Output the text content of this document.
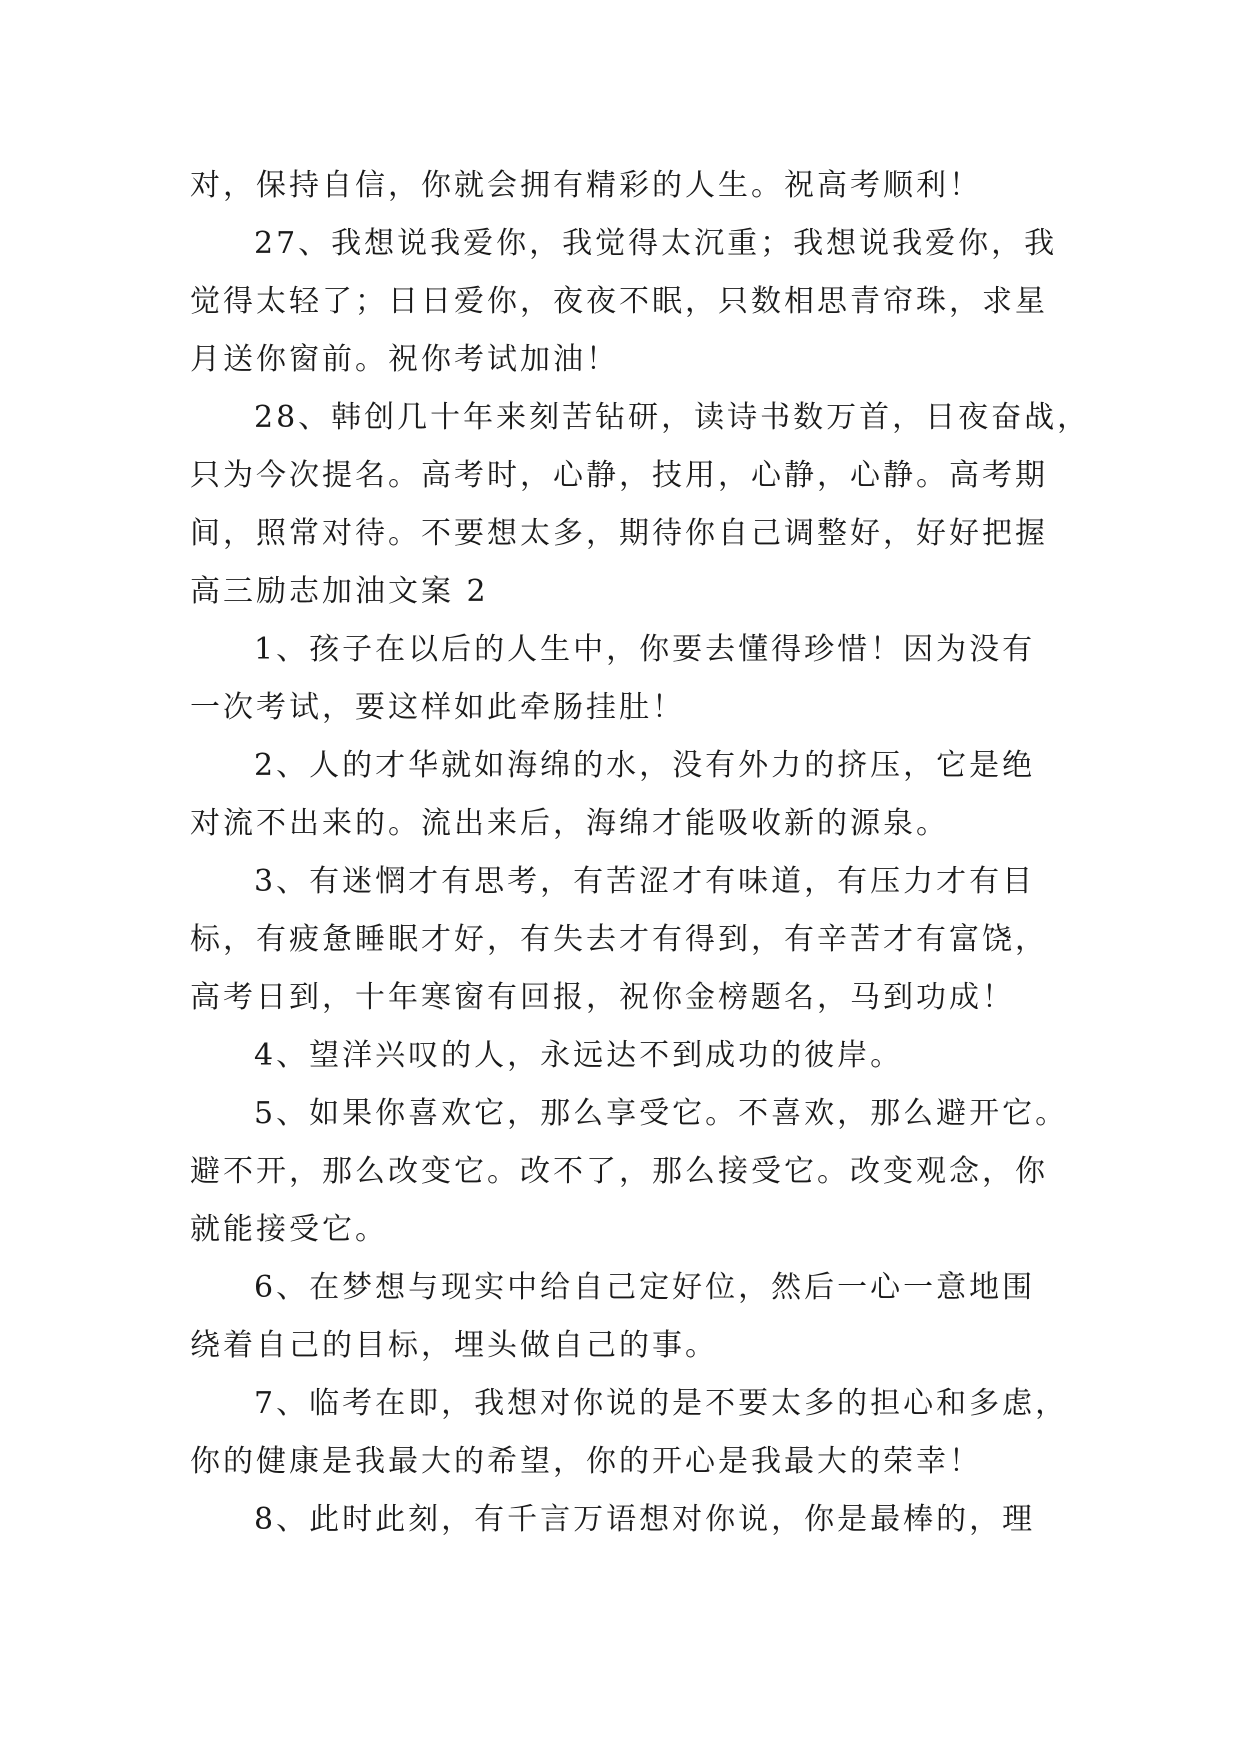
对，保持自信，你就会拥有精彩的人生。祝高考顺利！
27、我想说我爱你，我觉得太沉重；我想说我爱你，我
觉得太轻了；日日爱你，夜夜不眠，只数相思青帘珠，求星
月送你窗前。祝你考试加油！
28、韩创几十年来刻苦钻研，读诗书数万首，日夜奋战，
只为今次提名。高考时，心静，技用，心静，心静。高考期
间，照常对待。不要想太多，期待你自己调整好，好好把握
高三励志加油文案 2
1、孩子在以后的人生中，你要去懂得珍惜！因为没有
一次考试，要这样如此牵肠挂肚！
2、人的才华就如海绵的水，没有外力的挤压，它是绝
对流不出来的。流出来后，海绵才能吸收新的源泉。
3、有迷惘才有思考，有苦涩才有味道，有压力才有目
标，有疲惫睡眠才好，有失去才有得到，有辛苦才有富饶，
高考日到，十年寒窗有回报，祝你金榜题名，马到功成！
4、望洋兴叹的人，永远达不到成功的彼岸。
5、如果你喜欢它，那么享受它。不喜欢，那么避开它。
避不开，那么改变它。改不了，那么接受它。改变观念，你
就能接受它。
6、在梦想与现实中给自己定好位，然后一心一意地围
绕着自己的目标，埋头做自己的事。
7、临考在即，我想对你说的是不要太多的担心和多虑，
你的健康是我最大的希望，你的开心是我最大的荣幸！
8、此时此刻，有千言万语想对你说，你是最棒的，理
